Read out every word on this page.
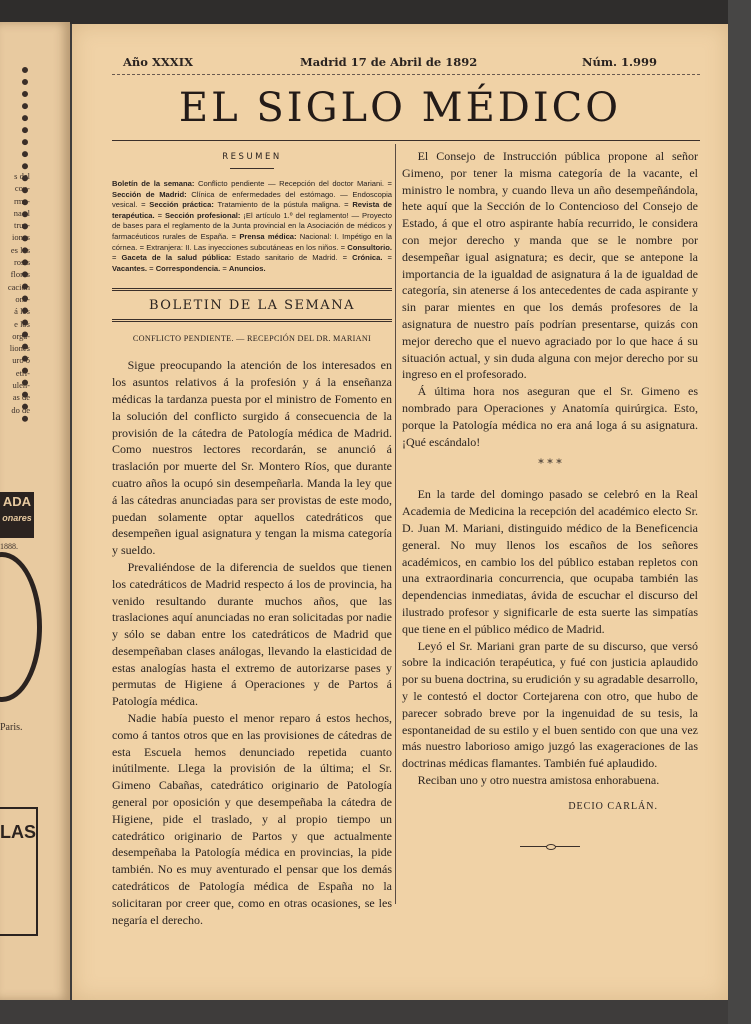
s del
cou-
rme-
na el
truc-
iones
es los
rosis
flores
cación
ons-
á los
e los
orga-
liones
uro ó
etri-
ulen-
as de
do de
ADA
onares
1888.
Paris.
LAS
Año XXXIX	Madrid 17 de Abril de 1892	Núm. 1.999
EL SIGLO MÉDICO
RESUMEN
Boletín de la semana: Conflicto pendiente — Recepción del doctor Mariani. = Sección de Madrid: Clínica de enfermedades del estómago. — Endoscopia vesical. = Sección práctica: Tratamiento de la pústula maligna. = Revista de terapéutica. = Sección profesional: ¡El artículo 1.º del reglamento! — Proyecto de bases para el reglamento de la Junta provincial en la Asociación de médicos y farmacéuticos rurales de España. = Prensa médica: Nacional: I. Impétigo en la córnea. = Extranjera: II. Las inyecciones subcutáneas en los niños. = Consultorio. = Gaceta de la salud pública: Estado sanitario de Madrid. = Crónica. = Vacantes. = Correspondencia. = Anuncios.
BOLETIN DE LA SEMANA
CONFLICTO PENDIENTE. — RECEPCIÓN DEL DR. MARIANI

Sigue preocupando la atención de los interesados en los asuntos relativos á la profesión y á la enseñanza médicas la tardanza puesta por el ministro de Fomento en la solución del conflicto surgido á consecuencia de la provisión de la cátedra de Patología médica de Madrid. Como nuestros lectores recordarán, se anunció á traslación por muerte del Sr. Montero Ríos, que durante cuatro años la ocupó sin desempeñarla. Manda la ley que á las cátedras anunciadas para ser provistas de este modo, puedan solamente optar aquellos catedráticos que desempeñen igual asignatura y tengan la misma categoría y sueldo.

Prevaliéndose de la diferencia de sueldos que tienen los catedráticos de Madrid respecto á los de provincia, ha venido resultando durante muchos años, que las traslaciones aquí anunciadas no eran solicitadas por nadie y sólo se daban entre los catedráticos de Madrid que desempeñaban clases análogas, llevando la elasticidad de estas analogías hasta el extremo de autorizarse pases y permutas de Higiene á Operaciones y de Partos á Patología médica.

Nadie había puesto el menor reparo á estos hechos, como á tantos otros que en las provisiones de cátedras de esta Escuela hemos denunciado repetida cuanto inútilmente. Llega la provisión de la última; el Sr. Gimeno Cabañas, catedrático originario de Patología general por oposición y que desempeñaba la cátedra de Higiene, pide el traslado, y al propio tiempo un catedrático originario de Partos y que actualmente desempeñaba la Patología médica en provincias, la pide también. No es muy aventurado el pensar que los demás catedráticos de Patología médica de España no la solicitaran por creer que, como en otras ocasiones, se les negaría el derecho.

El Consejo de Instrucción pública propone al señor Gimeno, por tener la misma categoría de la vacante, el ministro le nombra, y cuando lleva un año desempeñándola, hete aquí que la Sección de lo Contencioso del Consejo de Estado, á que el otro aspirante había recurrido, le considera con mejor derecho y manda que se le nombre por desempeñar igual asignatura; es decir, que se antepone la importancia de la igualdad de asignatura á la de igualdad de categoría, sin atenerse á los antecedentes de cada aspirante y sin parar mientes en que los demás profesores de la asignatura de nuestro país podrían presentarse, quizás con mejor derecho que el nuevo agraciado por lo que hace á su situación actual, y sin duda alguna con mejor derecho por su ingreso en el profesorado.

Á última hora nos aseguran que el Sr. Gimeno es nombrado para Operaciones y Anatomía quirúrgica. Esto, porque la Patología médica no era aná loga á su asignatura. ¡Qué escándalo!

* * *

En la tarde del domingo pasado se celebró en la Real Academia de Medicina la recepción del académico electo Sr. D. Juan M. Mariani, distinguido médico de la Beneficencia general. No muy llenos los escaños de los señores académicos, en cambio los del público estaban repletos con una extraordinaria concurrencia, que ocupaba también las dependencias inmediatas, ávida de escuchar el discurso del ilustrado profesor y significarle de esta suerte las simpatías que tiene en el público médico de Madrid.

Leyó el Sr. Mariani gran parte de su discurso, que versó sobre la indicación terapéutica, y fué con justicia aplaudido por su buena doctrina, su erudición y su agradable desarrollo, y le contestó el doctor Cortejarena con otro, que hubo de parecer sobrado breve por la ingenuidad de su tesis, la espontaneidad de su estilo y el buen sentido con que una vez más nuestro laborioso amigo juzgó las exageraciones de las doctrinas médicas flamantes. También fué aplaudido.

Reciban uno y otro nuestra amistosa enhorabuena.

DECIO CARLÁN.
